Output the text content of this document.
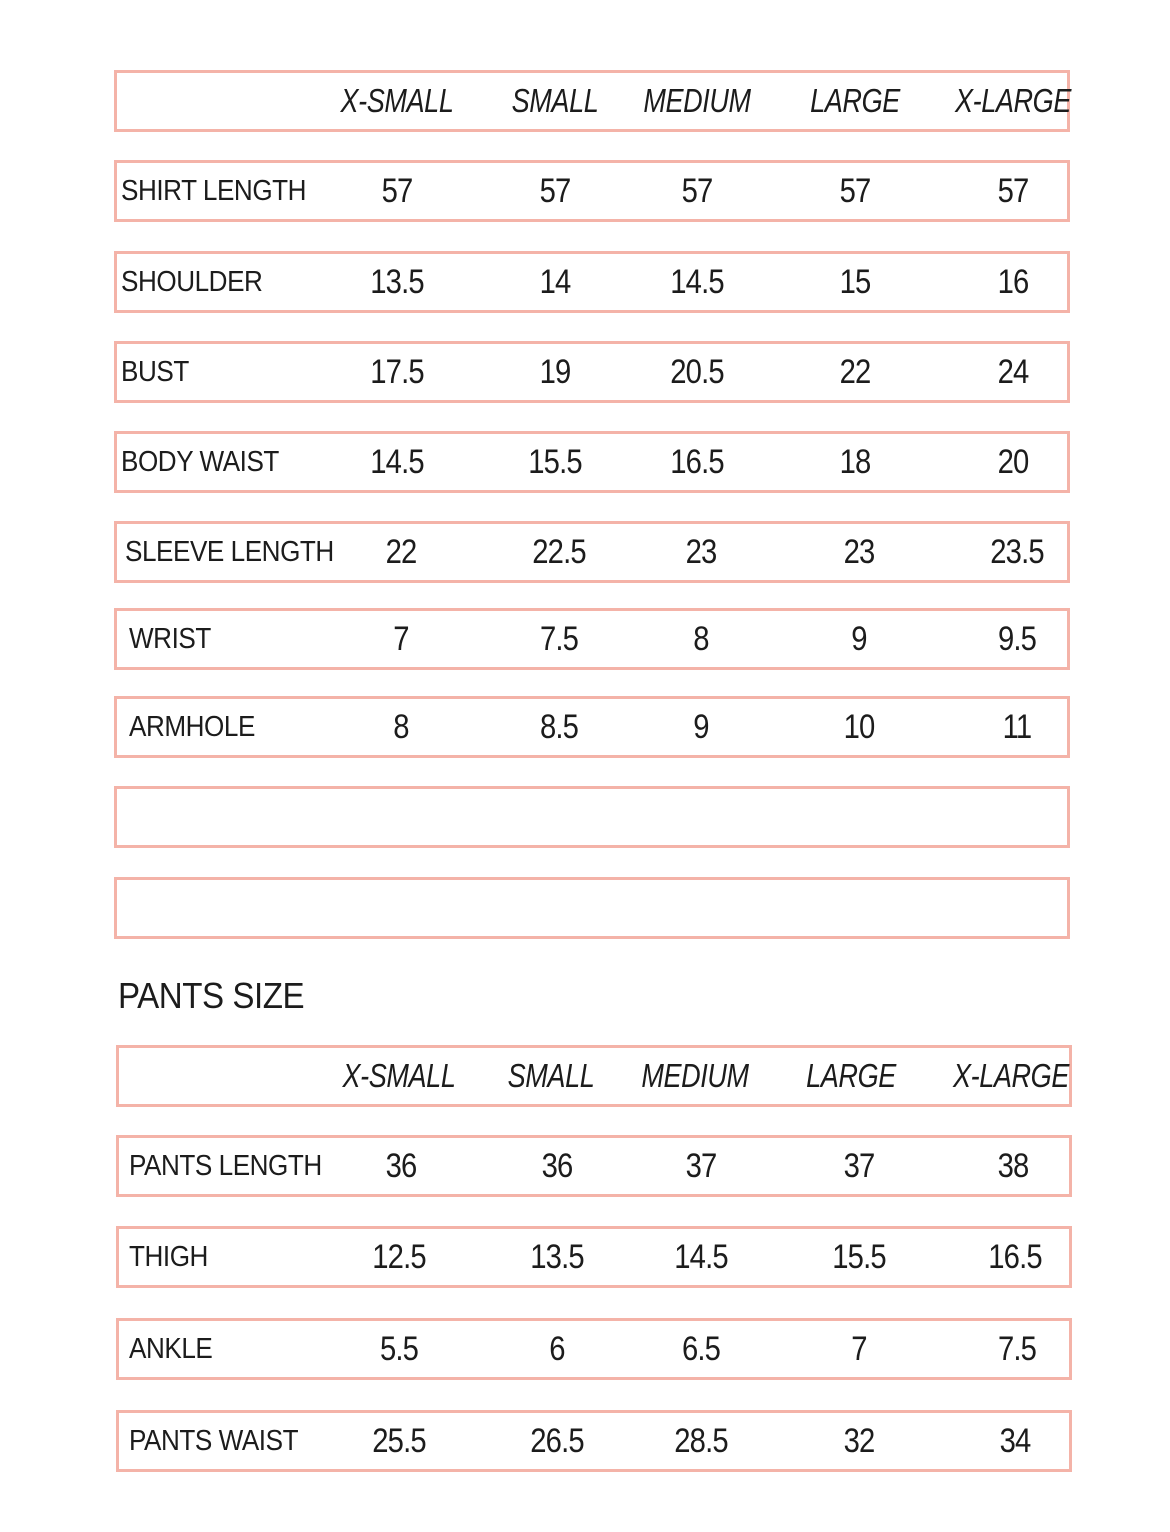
X-SMALL SMALL MEDIUM LARGE X-LARGE
SHIRT LENGTH	57	57	57	57	57
SHOULDER	13.5	14	14.5	15	16
BUST	17.5	19	20.5	22	24
BODY WAIST	14.5	15.5	16.5	18	20
SLEEVE LENGTH	22	22.5	23	23	23.5
WRIST	7	7.5	8	9	9.5
ARMHOLE	8	8.5	9	10	11
PANTS SIZE
X-SMALL SMALL MEDIUM LARGE X-LARGE
PANTS LENGTH	36	36	37	37	38
THIGH	12.5	13.5	14.5	15.5	16.5
ANKLE	5.5	6	6.5	7	7.5
PANTS WAIST	25.5	26.5	28.5	32	34
